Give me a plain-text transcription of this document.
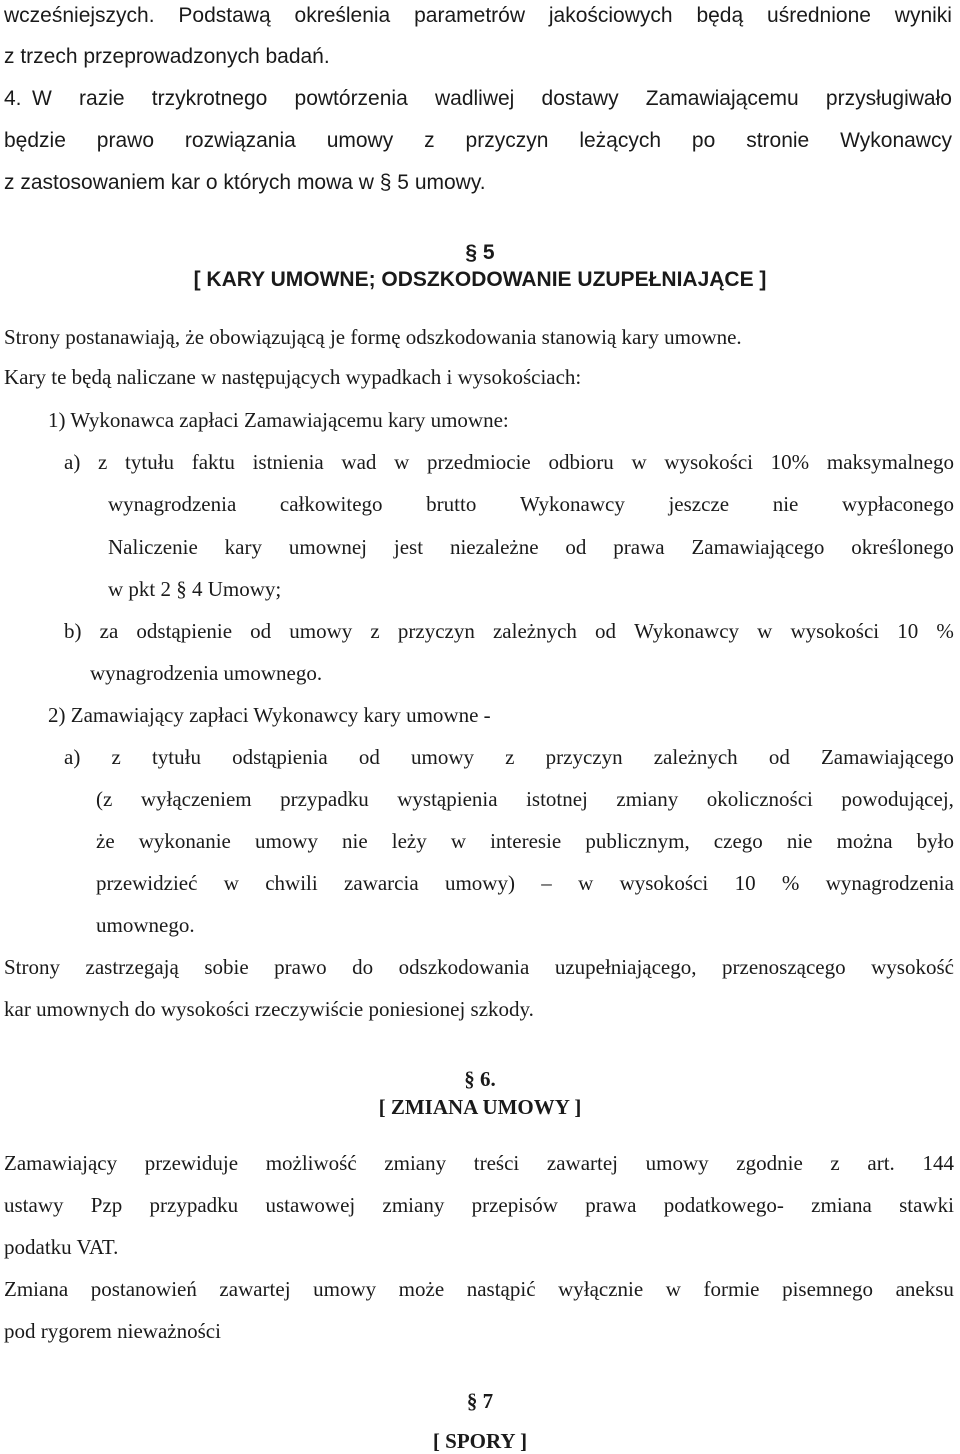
wcześniejszych. Podstawą określenia parametrów jakościowych będą uśrednione wyniki
z trzech przeprowadzonych badań.
4. W razie trzykrotnego powtórzenia wadliwej dostawy Zamawiającemu przysługiwało
będzie prawo rozwiązania umowy z przyczyn leżących po stronie Wykonawcy
z zastosowaniem kar o których mowa w § 5 umowy.
§ 5
[ KARY UMOWNE; ODSZKODOWANIE UZUPEŁNIAJĄCE ]
Strony postanawiają, że obowiązującą je formę odszkodowania stanowią kary umowne.
Kary te będą naliczane w następujących wypadkach i wysokościach:
1) Wykonawca zapłaci Zamawiającemu kary umowne:
a) z tytułu faktu istnienia wad w przedmiocie odbioru w wysokości 10% maksymalnego
wynagrodzenia całkowitego brutto Wykonawcy jeszcze nie wypłaconego
Naliczenie kary umownej jest niezależne od prawa Zamawiającego określonego
w pkt 2 § 4 Umowy;
b) za odstąpienie od umowy z przyczyn zależnych od Wykonawcy w wysokości 10 %
wynagrodzenia umownego.
2) Zamawiający zapłaci Wykonawcy kary umowne -
a) z tytułu odstąpienia od umowy z przyczyn zależnych od Zamawiającego
(z wyłączeniem przypadku wystąpienia istotnej zmiany okoliczności powodującej,
że wykonanie umowy nie leży w interesie publicznym, czego nie można było
przewidzieć w chwili zawarcia umowy) – w wysokości 10 % wynagrodzenia
umownego.
Strony zastrzegają sobie prawo do odszkodowania uzupełniającego, przenoszącego wysokość
kar umownych do wysokości rzeczywiście poniesionej szkody.
§ 6.
[ ZMIANA UMOWY ]
Zamawiający przewiduje możliwość zmiany treści zawartej umowy zgodnie z art. 144
ustawy Pzp przypadku ustawowej zmiany przepisów prawa podatkowego- zmiana stawki
podatku VAT.
Zmiana postanowień zawartej umowy może nastąpić wyłącznie w formie pisemnego aneksu
pod rygorem nieważności
§ 7
[ SPORY ]
